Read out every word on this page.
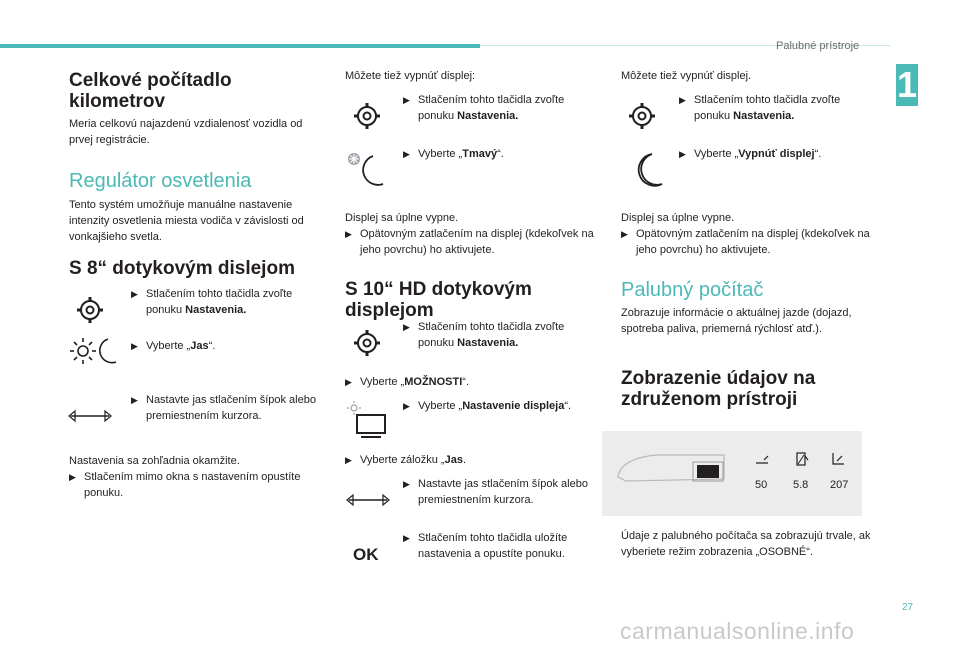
Palubné prístroje
1
Celkové počítadlo kilometrov
Meria celkovú najazdenú vzdialenosť vozidla od prvej registrácie.
Regulátor osvetlenia
Tento systém umožňuje manuálne nastavenie intenzity osvetlenia miesta vodiča v závislosti od vonkajšieho svetla.
S 8“ dotykovým dislejom
▶ Stlačením tohto tlačidla zvoľte ponuku Nastavenia.
▶ Vyberte „Jas“.
▶ Nastavte jas stlačením šípok alebo premiestnením kurzora.
Nastavenia sa zohľadnia okamžite.
▶ Stlačením mimo okna s nastavením opustíte ponuku.
Môžete tiež vypnúť displej:
▶ Stlačením tohto tlačidla zvoľte ponuku Nastavenia.
▶ Vyberte „Tmavý“.
Displej sa úplne vypne.
▶ Opätovným zatlačením na displej (kdekoľvek na jeho povrchu) ho aktivujete.
S 10“ HD dotykovým displejom
▶ Stlačením tohto tlačidla zvoľte ponuku Nastavenia.
▶ Vyberte „MOŽNOSTI“.
▶ Vyberte „Nastavenie displeja“.
▶ Vyberte záložku „Jas.
▶ Nastavte jas stlačením šípok alebo premiestnením kurzora.
OK
▶ Stlačením tohto tlačidla uložíte nastavenia a opustíte ponuku.
Môžete tiež vypnúť displej.
▶ Stlačením tohto tlačidla zvoľte ponuku Nastavenia.
▶ Vyberte „Vypnúť displej“.
Displej sa úplne vypne.
▶ Opätovným zatlačením na displej (kdekoľvek na jeho povrchu) ho aktivujete.
Palubný počítač
Zobrazuje informácie o aktuálnej jazde (dojazd, spotreba paliva, priemerná rýchlosť atď.).
Zobrazenie údajov na združenom prístroji
50 5.8 207
Údaje z palubného počítača sa zobrazujú trvale, ak vyberiete režim zobrazenia „OSOBNÉ“.
27
carmanualsonline.info
